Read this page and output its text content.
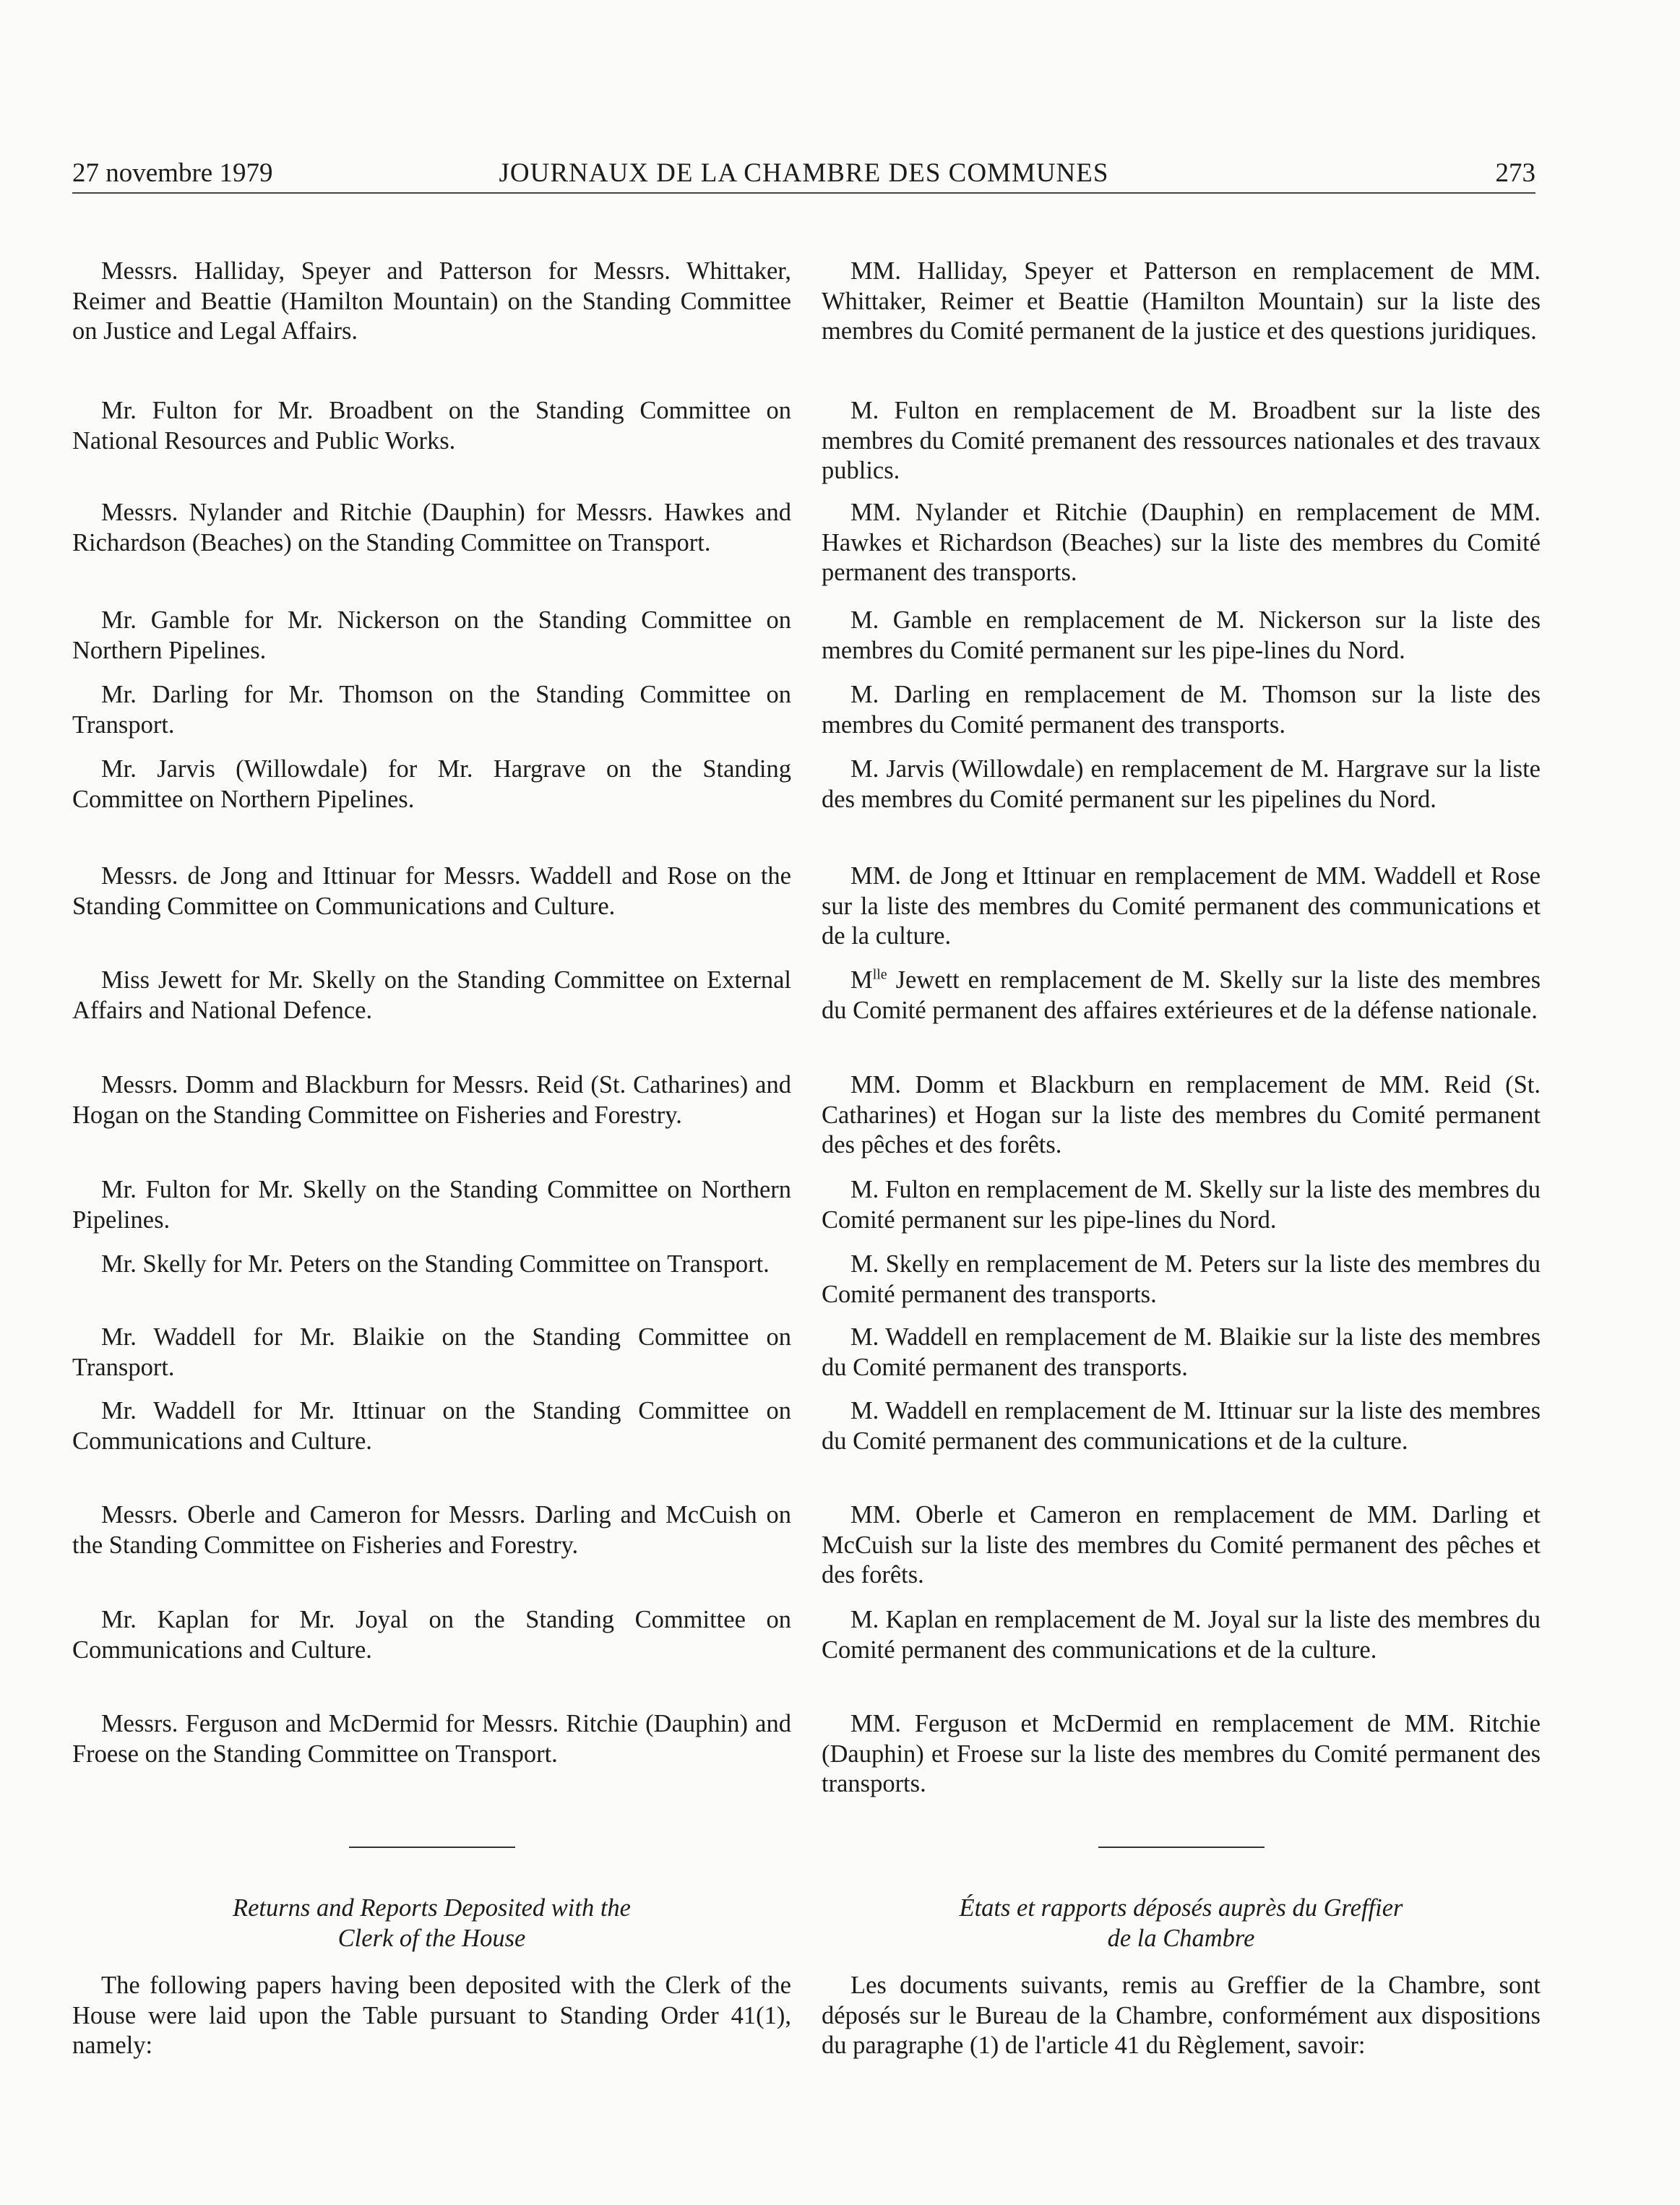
27 novembre 1979	JOURNAUX DE LA CHAMBRE DES COMMUNES	273

Messrs. Halliday, Speyer and Patterson for Messrs. Whittaker, Reimer and Beattie (Hamilton Mountain) on the Standing Committee on Justice and Legal Affairs.

Mr. Fulton for Mr. Broadbent on the Standing Committee on National Resources and Public Works.

Messrs. Nylander and Ritchie (Dauphin) for Messrs. Hawkes and Richardson (Beaches) on the Standing Committee on Transport.

Mr. Gamble for Mr. Nickerson on the Standing Committee on Northern Pipelines.

Mr. Darling for Mr. Thomson on the Standing Committee on Transport.

Mr. Jarvis (Willowdale) for Mr. Hargrave on the Standing Committee on Northern Pipelines.

Messrs. de Jong and Ittinuar for Messrs. Waddell and Rose on the Standing Committee on Communications and Culture.

Miss Jewett for Mr. Skelly on the Standing Committee on External Affairs and National Defence.

Messrs. Domm and Blackburn for Messrs. Reid (St. Catharines) and Hogan on the Standing Committee on Fisheries and Forestry.

Mr. Fulton for Mr. Skelly on the Standing Committee on Northern Pipelines.

Mr. Skelly for Mr. Peters on the Standing Committee on Transport.

Mr. Waddell for Mr. Blaikie on the Standing Committee on Transport.

Mr. Waddell for Mr. Ittinuar on the Standing Committee on Communications and Culture.

Messrs. Oberle and Cameron for Messrs. Darling and McCuish on the Standing Committee on Fisheries and Forestry.

Mr. Kaplan for Mr. Joyal on the Standing Committee on Communications and Culture.

Messrs. Ferguson and McDermid for Messrs. Ritchie (Dauphin) and Froese on the Standing Committee on Transport.

Returns and Reports Deposited with the
Clerk of the House

The following papers having been deposited with the Clerk of the House were laid upon the Table pursuant to Standing Order 41(1), namely:

MM. Halliday, Speyer et Patterson en remplacement de MM. Whittaker, Reimer et Beattie (Hamilton Mountain) sur la liste des membres du Comité permanent de la justice et des questions juridiques.

M. Fulton en remplacement de M. Broadbent sur la liste des membres du Comité premanent des ressources nationales et des travaux publics.

MM. Nylander et Ritchie (Dauphin) en remplacement de MM. Hawkes et Richardson (Beaches) sur la liste des membres du Comité permanent des transports.

M. Gamble en remplacement de M. Nickerson sur la liste des membres du Comité permanent sur les pipe-lines du Nord.

M. Darling en remplacement de M. Thomson sur la liste des membres du Comité permanent des transports.

M. Jarvis (Willowdale) en remplacement de M. Hargrave sur la liste des membres du Comité permanent sur les pipelines du Nord.

MM. de Jong et Ittinuar en remplacement de MM. Waddell et Rose sur la liste des membres du Comité permanent des communications et de la culture.

$M^{lle}$ Jewett en remplacement de M. Skelly sur la liste des membres du Comité permanent des affaires extérieures et de la défense nationale.

MM. Domm et Blackburn en remplacement de MM. Reid (St. Catharines) et Hogan sur la liste des membres du Comité permanent des pêches et des forêts.

M. Fulton en remplacement de M. Skelly sur la liste des membres du Comité permanent sur les pipe-lines du Nord.

M. Skelly en remplacement de M. Peters sur la liste des membres du Comité permanent des transports.

M. Waddell en remplacement de M. Blaikie sur la liste des membres du Comité permanent des transports.

M. Waddell en remplacement de M. Ittinuar sur la liste des membres du Comité permanent des communications et de la culture.

MM. Oberle et Cameron en remplacement de MM. Darling et McCuish sur la liste des membres du Comité permanent des pêches et des forêts.

M. Kaplan en remplacement de M. Joyal sur la liste des membres du Comité permanent des communications et de la culture.

MM. Ferguson et McDermid en remplacement de MM. Ritchie (Dauphin) et Froese sur la liste des membres du Comité permanent des transports.

États et rapports déposés auprès du Greffier
de la Chambre

Les documents suivants, remis au Greffier de la Chambre, sont déposés sur le Bureau de la Chambre, conformément aux dispositions du paragraphe (1) de l'article 41 du Règlement, savoir:
